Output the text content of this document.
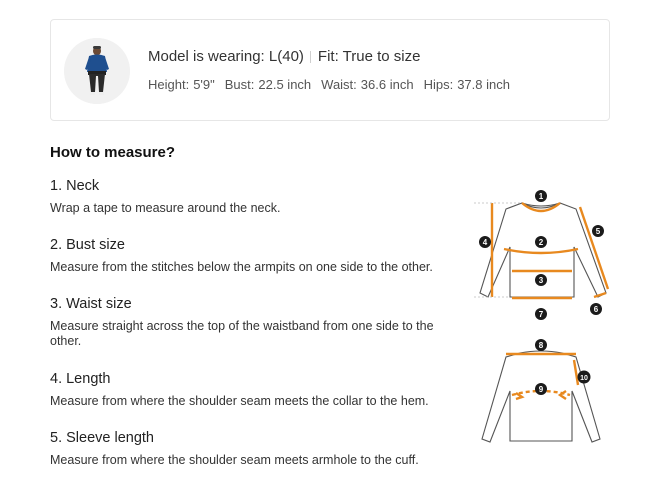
Model is wearing: L(40) Fit: True to size
Height: 5'9" Bust: 22.5 inch Waist: 36.6 inch Hips: 37.8 inch
How to measure?
1. Neck
Wrap a tape to measure around the neck.
2. Bust size
Measure from the stitches below the armpits on one side to the other.
3. Waist size
Measure straight across the top of the waistband from one side to the other.
4. Length
Measure from where the shoulder seam meets the collar to the hem.
5. Sleeve length
Measure from where the shoulder seam meets armhole to the cuff.
1
2
3
4
5
6
7
8
9
10
